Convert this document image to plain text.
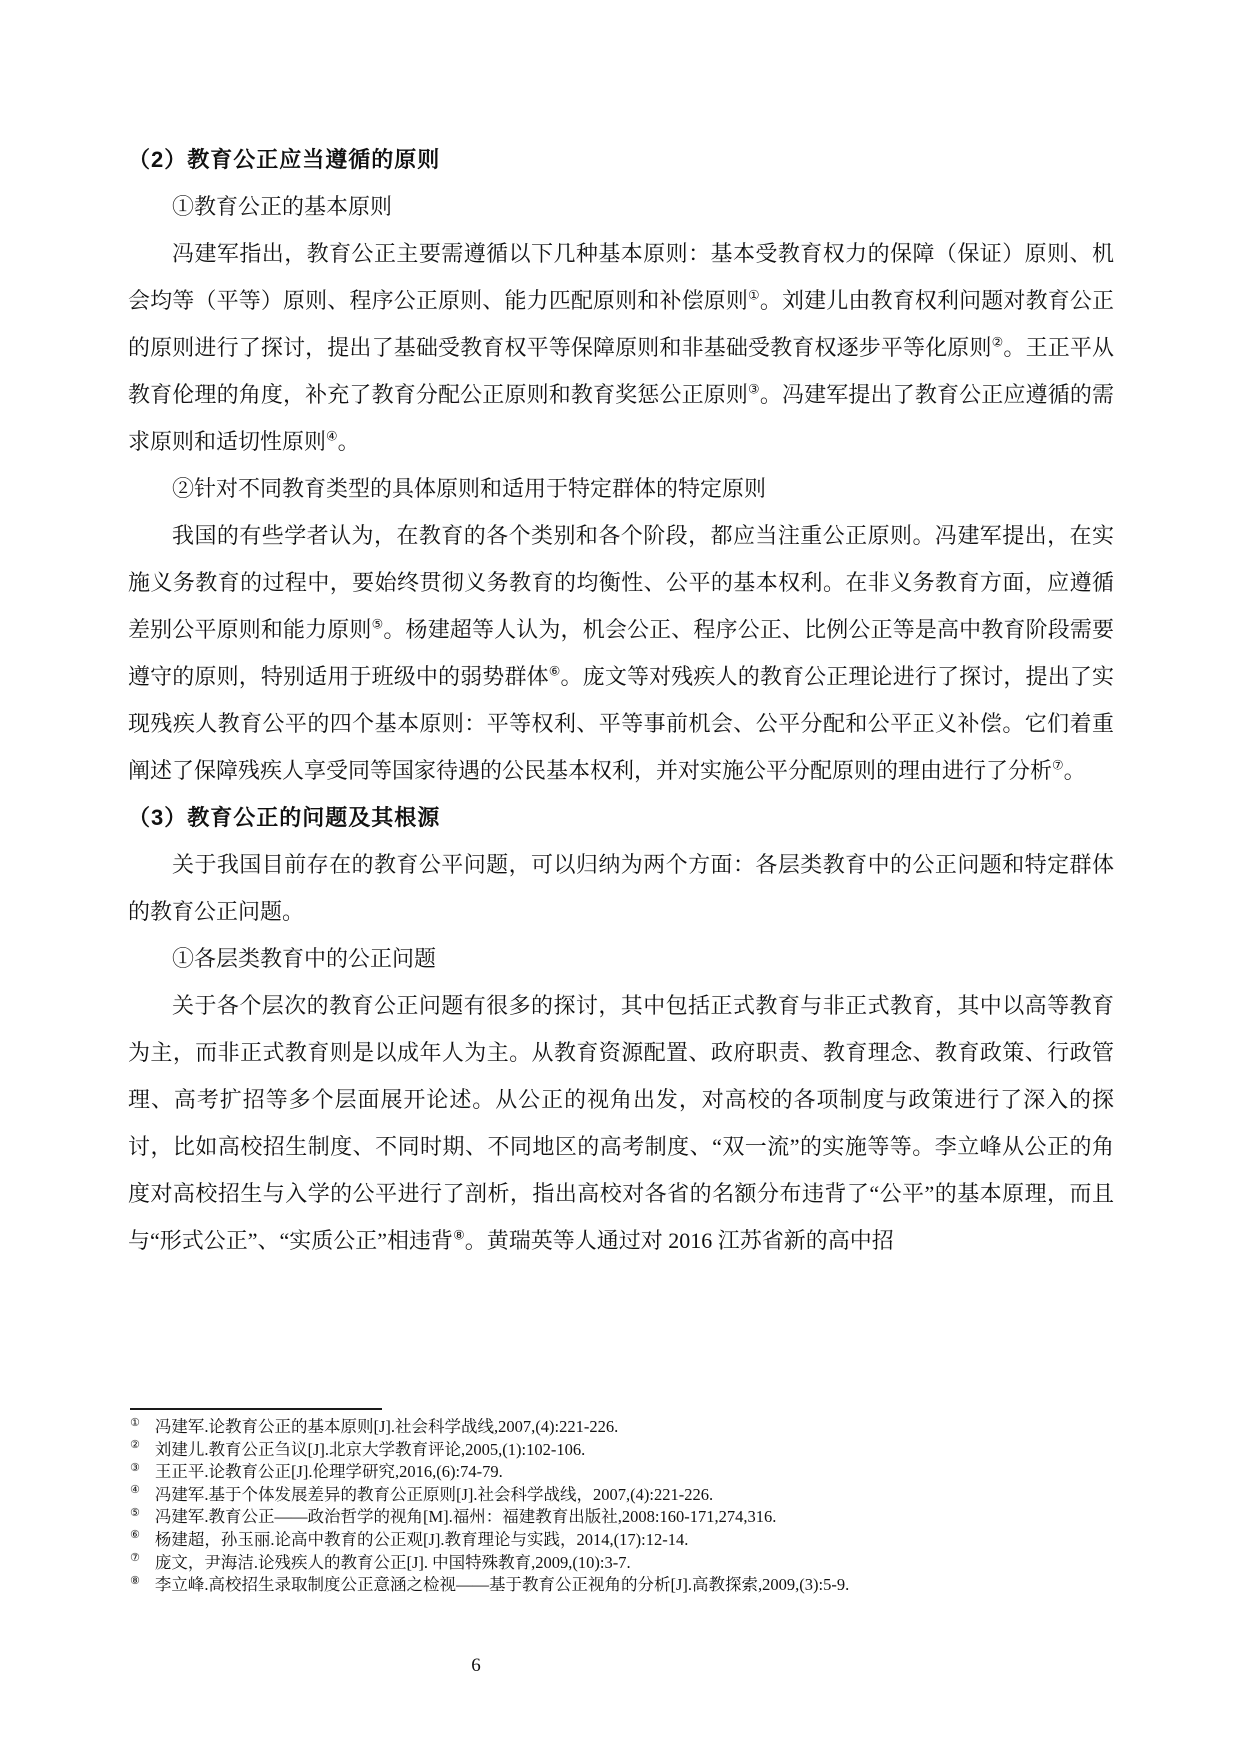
（2）教育公正应当遵循的原则
①教育公正的基本原则
冯建军指出，教育公正主要需遵循以下几种基本原则：基本受教育权力的保障（保证）原则、机会均等（平等）原则、程序公正原则、能力匹配原则和补偿原则①。刘建儿由教育权利问题对教育公正的原则进行了探讨，提出了基础受教育权平等保障原则和非基础受教育权逐步平等化原则②。王正平从教育伦理的角度，补充了教育分配公正原则和教育奖惩公正原则③。冯建军提出了教育公正应遵循的需求原则和适切性原则④。
②针对不同教育类型的具体原则和适用于特定群体的特定原则
我国的有些学者认为，在教育的各个类别和各个阶段，都应当注重公正原则。冯建军提出，在实施义务教育的过程中，要始终贯彻义务教育的均衡性、公平的基本权利。在非义务教育方面，应遵循差别公平原则和能力原则⑤。杨建超等人认为，机会公正、程序公正、比例公正等是高中教育阶段需要遵守的原则，特别适用于班级中的弱势群体⑥。庞文等对残疾人的教育公正理论进行了探讨，提出了实现残疾人教育公平的四个基本原则：平等权利、平等事前机会、公平分配和公平正义补偿。它们着重阐述了保障残疾人享受同等国家待遇的公民基本权利，并对实施公平分配原则的理由进行了分析⑦。
（3）教育公正的问题及其根源
关于我国目前存在的教育公平问题，可以归纳为两个方面：各层类教育中的公正问题和特定群体的教育公正问题。
①各层类教育中的公正问题
关于各个层次的教育公正问题有很多的探讨，其中包括正式教育与非正式教育，其中以高等教育为主，而非正式教育则是以成年人为主。从教育资源配置、政府职责、教育理念、教育政策、行政管理、高考扩招等多个层面展开论述。从公正的视角出发，对高校的各项制度与政策进行了深入的探讨，比如高校招生制度、不同时期、不同地区的高考制度、“双一流”的实施等等。李立峰从公正的角度对高校招生与入学的公平进行了剖析，指出高校对各省的名额分布违背了“公平”的基本原理，而且与“形式公正”、“实质公正”相违背⑧。黄瑞英等人通过对 2016 江苏省新的高中招
① 冯建军.论教育公正的基本原则[J].社会科学战线,2007,(4):221-226.
② 刘建儿.教育公正刍议[J].北京大学教育评论,2005,(1):102-106.
③ 王正平.论教育公正[J].伦理学研究,2016,(6):74-79.
④ 冯建军.基于个体发展差异的教育公正原则[J].社会科学战线，2007,(4):221-226.
⑤ 冯建军.教育公正——政治哲学的视角[M].福州：福建教育出版社,2008:160-171,274,316.
⑥ 杨建超，孙玉丽.论高中教育的公正观[J].教育理论与实践，2014,(17):12-14.
⑦ 庞文，尹海洁.论残疾人的教育公正[J]. 中国特殊教育,2009,(10):3-7.
⑧ 李立峰.高校招生录取制度公正意涵之检视——基于教育公正视角的分析[J].高教探索,2009,(3):5-9.
6
